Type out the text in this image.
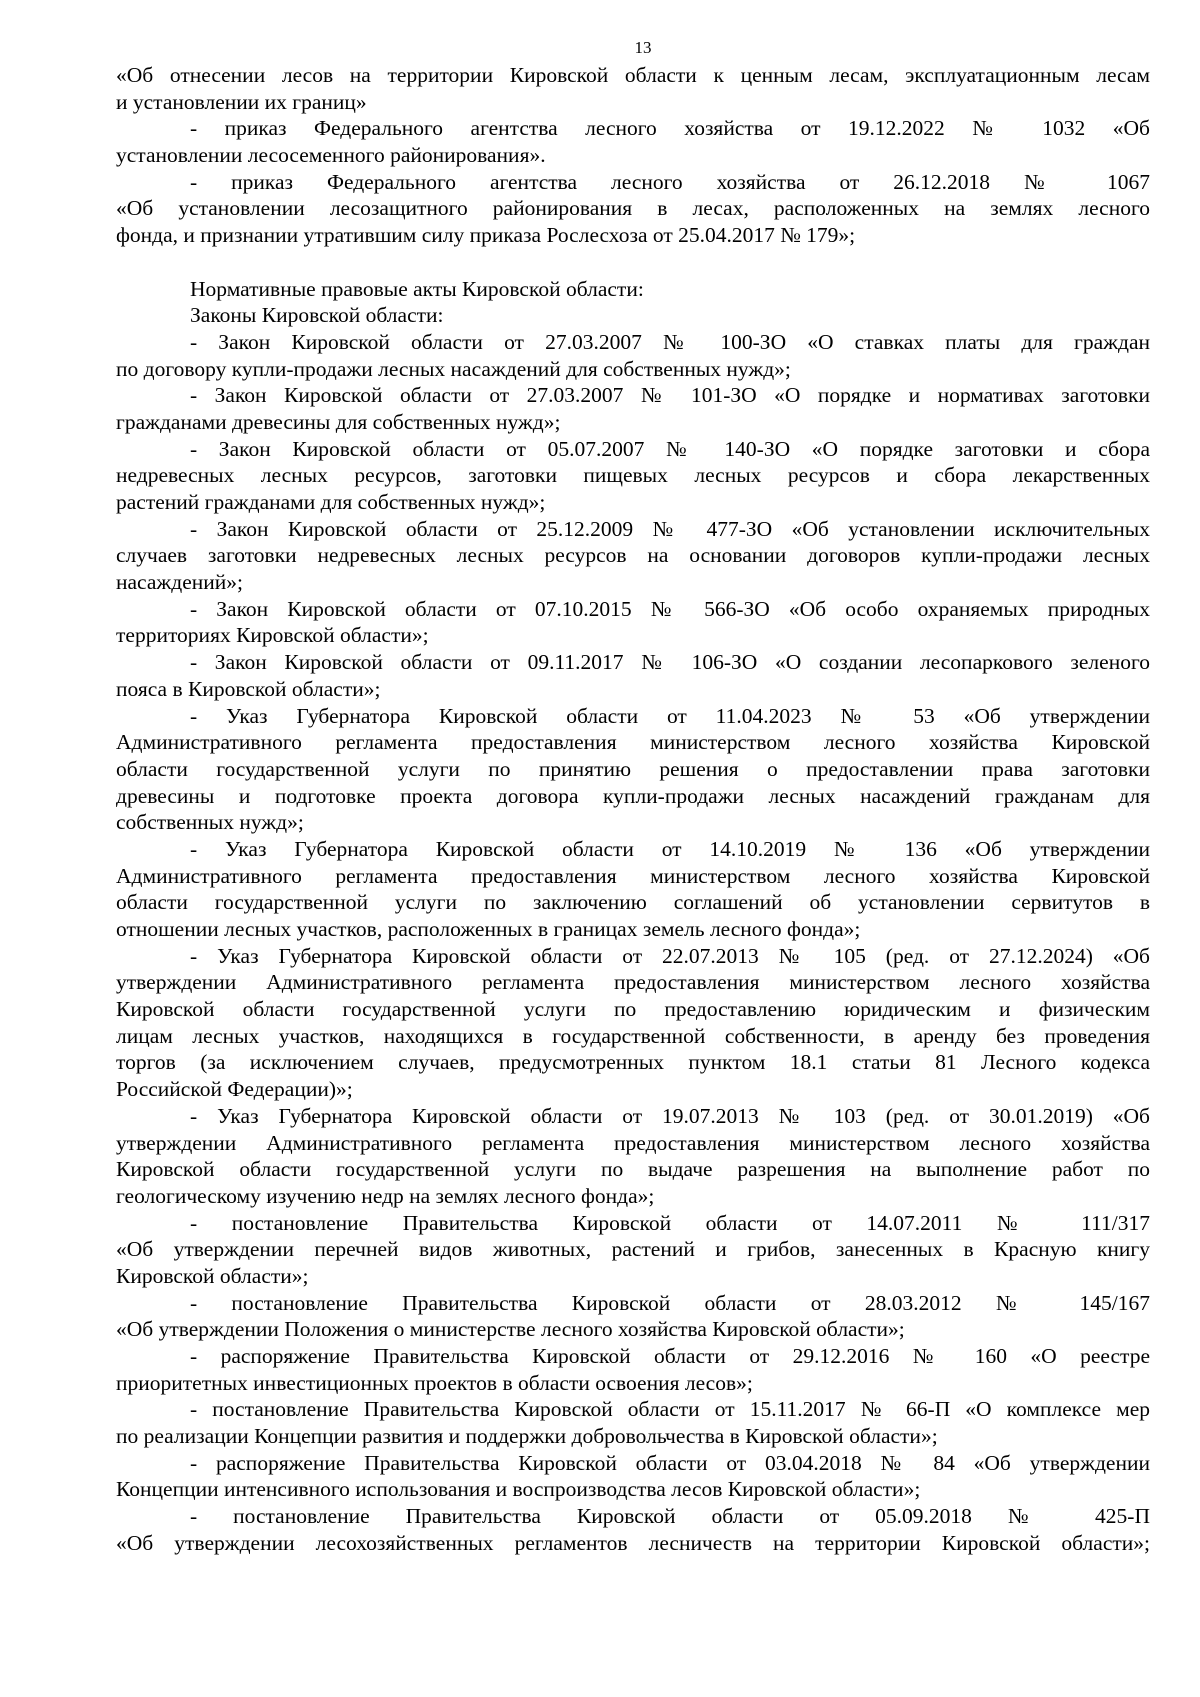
13
«Об отнесении лесов на территории Кировской области к ценным лесам, эксплуатационным лесам
и установлении их границ»
- приказ Федерального агентства лесного хозяйства от 19.12.2022 № 1032 «Об
установлении лесосеменного районирования».
- приказ Федерального агентства лесного хозяйства от 26.12.2018 № 1067
«Об установлении лесозащитного районирования в лесах, расположенных на землях лесного
фонда, и признании утратившим силу приказа Рослесхоза от 25.04.2017 № 179»;
Нормативные правовые акты Кировской области:
Законы Кировской области:
- Закон Кировской области от 27.03.2007 № 100-ЗО «О ставках платы для граждан
по договору купли-продажи лесных насаждений для собственных нужд»;
- Закон Кировской области от 27.03.2007 № 101-ЗО «О порядке и нормативах заготовки
гражданами древесины для собственных нужд»;
- Закон Кировской области от 05.07.2007 № 140-ЗО «О порядке заготовки и сбора
недревесных лесных ресурсов, заготовки пищевых лесных ресурсов и сбора лекарственных
растений гражданами для собственных нужд»;
- Закон Кировской области от 25.12.2009 № 477-ЗО «Об установлении исключительных
случаев заготовки недревесных лесных ресурсов на основании договоров купли-продажи лесных
насаждений»;
- Закон Кировской области от 07.10.2015 № 566-ЗО «Об особо охраняемых природных
территориях Кировской области»;
- Закон Кировской области от 09.11.2017 № 106-ЗО «О создании лесопаркового зеленого
пояса в Кировской области»;
- Указ Губернатора Кировской области от 11.04.2023 № 53 «Об утверждении
Административного регламента предоставления министерством лесного хозяйства Кировской
области государственной услуги по принятию решения о предоставлении права заготовки
древесины и подготовке проекта договора купли-продажи лесных насаждений гражданам для
собственных нужд»;
- Указ Губернатора Кировской области от 14.10.2019 № 136 «Об утверждении
Административного регламента предоставления министерством лесного хозяйства Кировской
области государственной услуги по заключению соглашений об установлении сервитутов в
отношении лесных участков, расположенных в границах земель лесного фонда»;
- Указ Губернатора Кировской области от 22.07.2013 № 105 (ред. от 27.12.2024) «Об
утверждении Административного регламента предоставления министерством лесного хозяйства
Кировской области государственной услуги по предоставлению юридическим и физическим
лицам лесных участков, находящихся в государственной собственности, в аренду без проведения
торгов (за исключением случаев, предусмотренных пунктом 18.1 статьи 81 Лесного кодекса
Российской Федерации)»;
- Указ Губернатора Кировской области от 19.07.2013 № 103 (ред. от 30.01.2019) «Об
утверждении Административного регламента предоставления министерством лесного хозяйства
Кировской области государственной услуги по выдаче разрешения на выполнение работ по
геологическому изучению недр на землях лесного фонда»;
- постановление Правительства Кировской области от 14.07.2011 № 111/317
«Об утверждении перечней видов животных, растений и грибов, занесенных в Красную книгу
Кировской области»;
- постановление Правительства Кировской области от 28.03.2012 № 145/167
«Об утверждении Положения о министерстве лесного хозяйства Кировской области»;
- распоряжение Правительства Кировской области от 29.12.2016 № 160 «О реестре
приоритетных инвестиционных проектов в области освоения лесов»;
- постановление Правительства Кировской области от 15.11.2017 № 66-П «О комплексе мер
по реализации Концепции развития и поддержки добровольчества в Кировской области»;
- распоряжение Правительства Кировской области от 03.04.2018 № 84 «Об утверждении
Концепции интенсивного использования и воспроизводства лесов Кировской области»;
- постановление Правительства Кировской области от 05.09.2018 № 425-П
«Об утверждении лесохозяйственных регламентов лесничеств на территории Кировской области»;
